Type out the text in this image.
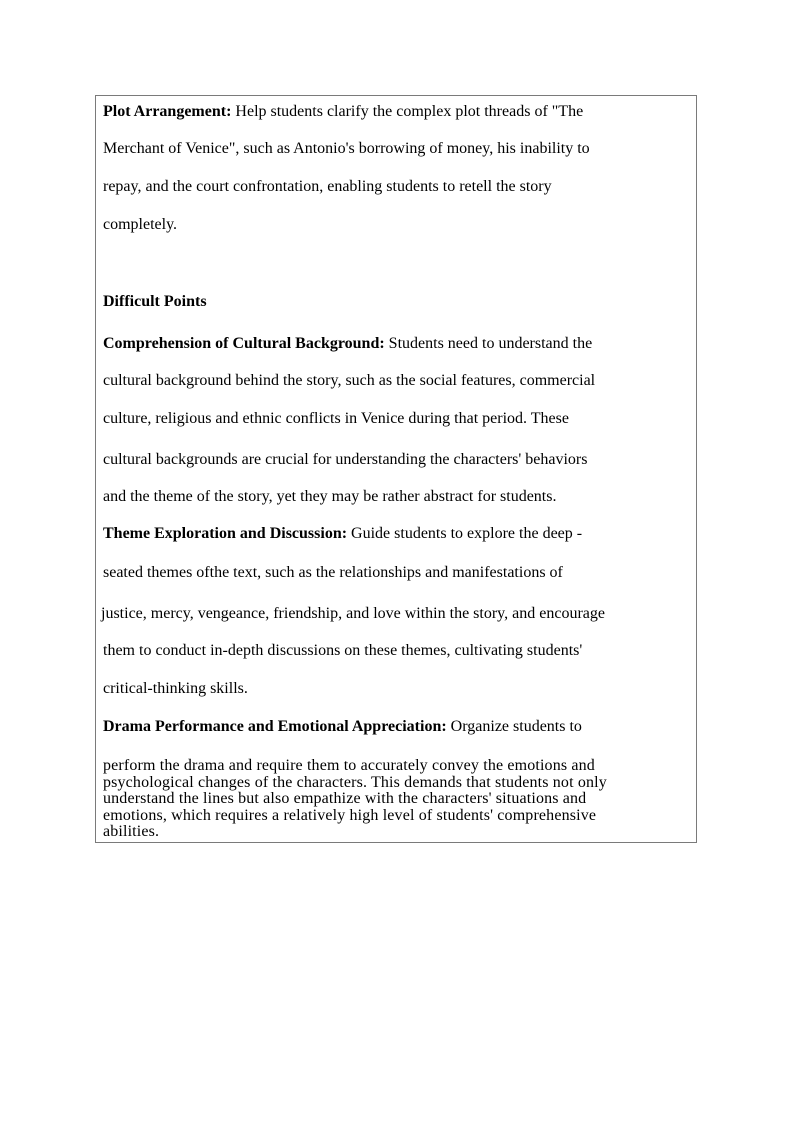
Plot Arrangement: Help students clarify the complex plot threads of "The
Merchant of Venice", such as Antonio's borrowing of money, his inability to
repay, and the court confrontation, enabling students to retell the story
completely.
Difficult Points
Comprehension of Cultural Background: Students need to understand the
cultural background behind the story, such as the social features, commercial
culture, religious and ethnic conflicts in Venice during that period. These
cultural backgrounds are crucial for understanding the characters' behaviors
and the theme of the story, yet they may be rather abstract for students.
Theme Exploration and Discussion: Guide students to explore the deep -
seated themes ofthe text, such as the relationships and manifestations of
justice, mercy, vengeance, friendship, and love within the story, and encourage
them to conduct in-depth discussions on these themes, cultivating students'
critical-thinking skills.
Drama Performance and Emotional Appreciation: Organize students to
perform the drama and require them to accurately convey the emotions and
psychological changes of the characters. This demands that students not only
understand the lines but also empathize with the characters' situations and
emotions, which requires a relatively high level of students' comprehensive
abilities.
